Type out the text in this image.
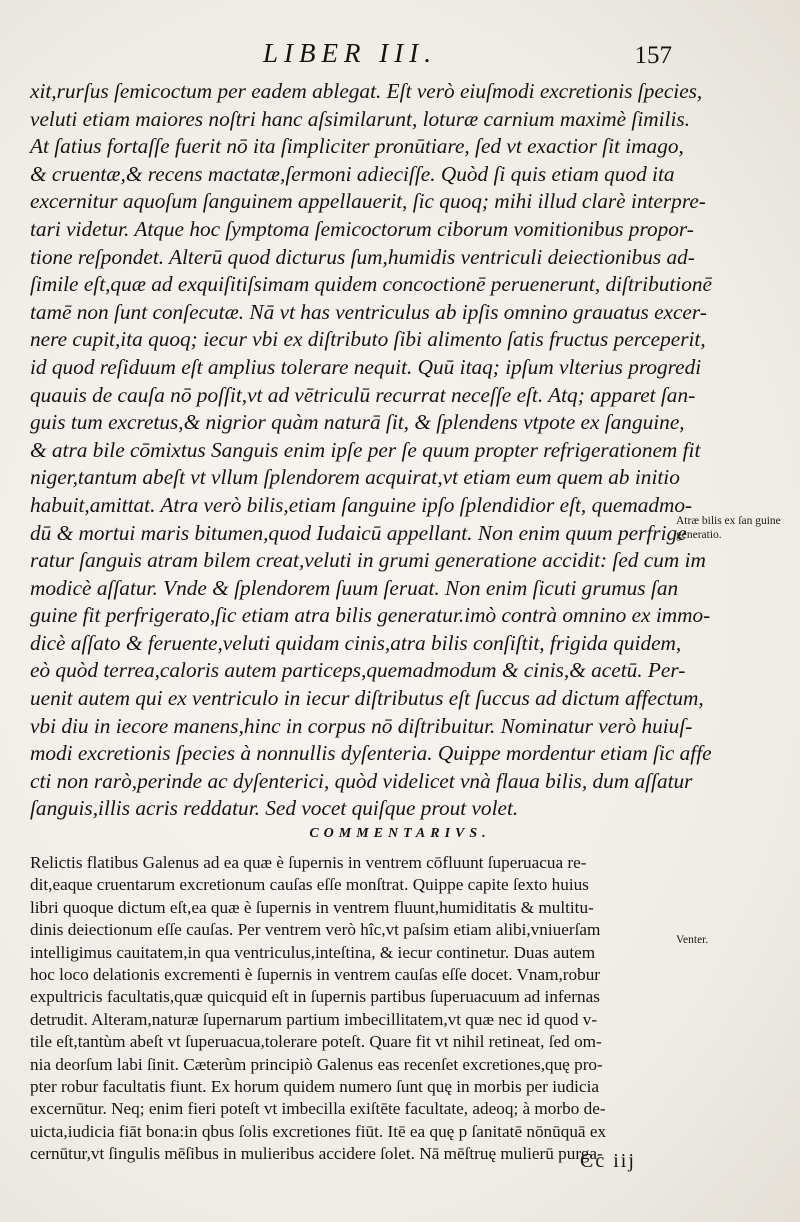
LIBER III.	157
xit,rurſus ſemicoctum per eadem ablegat. Eſt verò eiuſmodi excretionis ſpecies,
veluti etiam maiores noſtri hanc aſsimilarunt, loturæ carnium maximè ſimilis.
At ſatius fortaſſe fuerit nō ita ſimpliciter pronūtiare, ſed vt exactior ſit imago,
& cruentæ,& recens mactatæ,ſermoni adieciſſe. Quòd ſi quis etiam quod ita
excernitur aquoſum ſanguinem appellauerit, ſic quoq; mihi illud clarè interpre-
tari videtur. Atque hoc ſymptoma ſemicoctorum ciborum vomitionibus propor-
tione reſpondet. Alterū quod dicturus ſum,humidis ventriculi deiectionibus ad-
ſimile eſt,quæ ad exquiſitiſsimam quidem concoctionē peruenerunt, diſtributionē
tamē non ſunt conſecutæ. Nā vt has ventriculus ab ipſis omnino grauatus excer-
nere cupit,ita quoq; iecur vbi ex diſtributo ſibi alimento ſatis fructus perceperit,
id quod reſiduum eſt amplius tolerare nequit. Quū itaq; ipſum vlterius progredi
quauis de cauſa nō poſſit,vt ad vētriculū recurrat neceſſe eſt. Atq; apparet ſan-
guis tum excretus,& nigrior quàm naturā ſit, & ſplendens vtpote ex ſanguine,
& atra bile cōmixtus Sanguis enim ipſe per ſe quum propter refrigerationem fit
niger,tantum abeſt vt vllum ſplendorem acquirat,vt etiam eum quem ab initio
habuit,amittat. Atra verò bilis,etiam ſanguine ipſo ſplendidior eſt, quemadmo-
dū & mortui maris bitumen,quod Iudaicū appellant. Non enim quum perfrige
ratur ſanguis atram bilem creat,veluti in grumi generatione accidit: ſed cum im
modicè aſſatur. Vnde & ſplendorem ſuum ſeruat. Non enim ſicuti grumus ſan
guine fit perfrigerato,ſic etiam atra bilis generatur.imò contrà omnino ex immo-
dicè aſſato & feruente,veluti quidam cinis,atra bilis conſiſtit, frigida quidem,
eò quòd terrea,caloris autem particeps,quemadmodum & cinis,& acetū. Per-
uenit autem qui ex ventriculo in iecur diſtributus eſt ſuccus ad dictum affectum,
vbi diu in iecore manens,hinc in corpus nō diſtribuitur. Nominatur verò huiuſ-
modi excretionis ſpecies à nonnullis dyſenteria. Quippe mordentur etiam ſic affe
cti non rarò,perinde ac dyſenterici, quòd videlicet vnà flaua bilis, dum aſſatur
ſanguis,illis acris reddatur. Sed vocet quiſque prout volet.
Atræ bilis ex ſan guine generatio.
COMMENTARIVS.
Relictis flatibus Galenus ad ea quæ è ſupernis in ventrem cōfluunt ſuperuacua re-
dit,eaque cruentarum excretionum cauſas eſſe monſtrat. Quippe capite ſexto huius
libri quoque dictum eſt,ea quæ è ſupernis in ventrem fluunt,humiditatis & multitu-
dinis deiectionum eſſe cauſas. Per ventrem verò hîc,vt paſsim etiam alibi,vniuerſam
intelligimus cauitatem,in qua ventriculus,inteſtina, & iecur continetur. Duas autem
hoc loco delationis excrementi è ſupernis in ventrem cauſas eſſe docet. Vnam,robur
expultricis facultatis,quæ quicquid eſt in ſupernis partibus ſuperuacuum ad infernas
detrudit. Alteram,naturæ ſupernarum partium imbecillitatem,vt quæ nec id quod v-
tile eſt,tantùm abeſt vt ſuperuacua,tolerare poteſt. Quare fit vt nihil retineat, ſed om-
nia deorſum labi ſinit. Cæterùm principiò Galenus eas recenſet excretiones,quę pro-
pter robur facultatis fiunt. Ex horum quidem numero ſunt quę in morbis per iudicia
excernūtur. Neq; enim fieri poteſt vt imbecilla exiſtēte facultate, adeoq; à morbo de-
uicta,iudicia fiāt bona:in qbus ſolis excretiones fiūt. Itē ea quę p ſanitatē nōnūquā ex
cernūtur,vt ſingulis mēſibus in mulieribus accidere ſolet. Nā mēſtruę mulierū purga-
Venter.
Cc iij
